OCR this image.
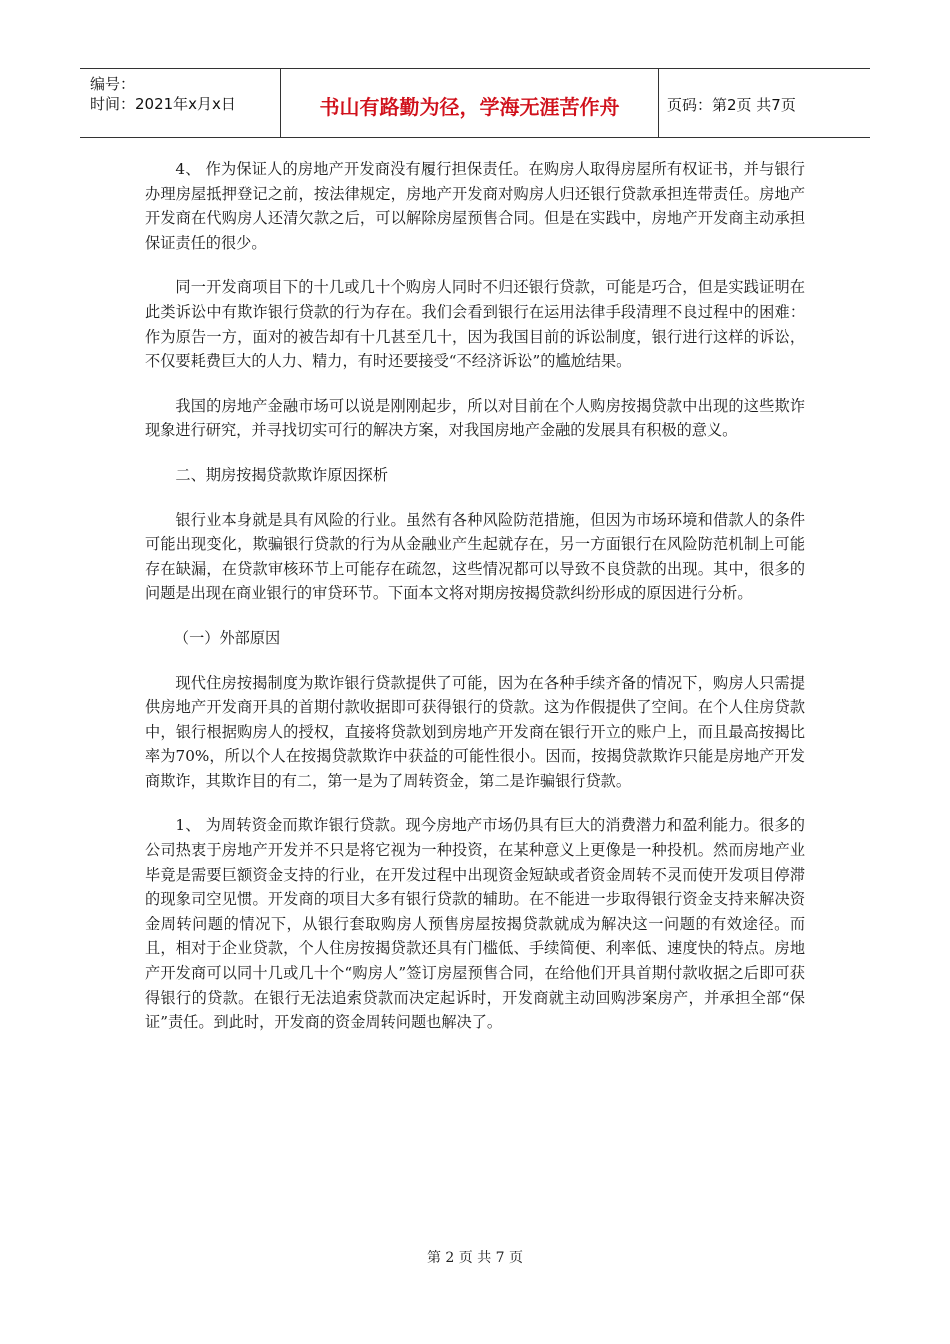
编号：
时间：2021年x月x日	书山有路勤为径，学海无涯苦作舟	页码：第2页 共7页

4、 作为保证人的房地产开发商没有履行担保责任。在购房人取得房屋所有权证书，并与银行办理房屋抵押登记之前，按法律规定，房地产开发商对购房人归还银行贷款承担连带责任。房地产开发商在代购房人还清欠款之后，可以解除房屋预售合同。但是在实践中，房地产开发商主动承担保证责任的很少。

同一开发商项目下的十几或几十个购房人同时不归还银行贷款，可能是巧合，但是实践证明在此类诉讼中有欺诈银行贷款的行为存在。我们会看到银行在运用法律手段清理不良过程中的困难：作为原告一方，面对的被告却有十几甚至几十，因为我国目前的诉讼制度，银行进行这样的诉讼，不仅要耗费巨大的人力、精力，有时还要接受“不经济诉讼”的尴尬结果。

我国的房地产金融市场可以说是刚刚起步，所以对目前在个人购房按揭贷款中出现的这些欺诈现象进行研究，并寻找切实可行的解决方案，对我国房地产金融的发展具有积极的意义。

二、期房按揭贷款欺诈原因探析

银行业本身就是具有风险的行业。虽然有各种风险防范措施，但因为市场环境和借款人的条件可能出现变化，欺骗银行贷款的行为从金融业产生起就存在，另一方面银行在风险防范机制上可能存在缺漏，在贷款审核环节上可能存在疏忽，这些情况都可以导致不良贷款的出现。其中，很多的问题是出现在商业银行的审贷环节。下面本文将对期房按揭贷款纠纷形成的原因进行分析。

（一）外部原因

现代住房按揭制度为欺诈银行贷款提供了可能，因为在各种手续齐备的情况下，购房人只需提供房地产开发商开具的首期付款收据即可获得银行的贷款。这为作假提供了空间。在个人住房贷款中，银行根据购房人的授权，直接将贷款划到房地产开发商在银行开立的账户上，而且最高按揭比率为70%，所以个人在按揭贷款欺诈中获益的可能性很小。因而，按揭贷款欺诈只能是房地产开发商欺诈，其欺诈目的有二，第一是为了周转资金，第二是诈骗银行贷款。

1、 为周转资金而欺诈银行贷款。现今房地产市场仍具有巨大的消费潜力和盈利能力。很多的公司热衷于房地产开发并不只是将它视为一种投资，在某种意义上更像是一种投机。然而房地产业毕竟是需要巨额资金支持的行业，在开发过程中出现资金短缺或者资金周转不灵而使开发项目停滞的现象司空见惯。开发商的项目大多有银行贷款的辅助。在不能进一步取得银行资金支持来解决资金周转问题的情况下，从银行套取购房人预售房屋按揭贷款就成为解决这一问题的有效途径。而且，相对于企业贷款，个人住房按揭贷款还具有门槛低、手续简便、利率低、速度快的特点。房地产开发商可以同十几或几十个“购房人”签订房屋预售合同，在给他们开具首期付款收据之后即可获得银行的贷款。在银行无法追索贷款而决定起诉时，开发商就主动回购涉案房产，并承担全部“保证”责任。到此时，开发商的资金周转问题也解决了。

第 2 页 共 7 页
